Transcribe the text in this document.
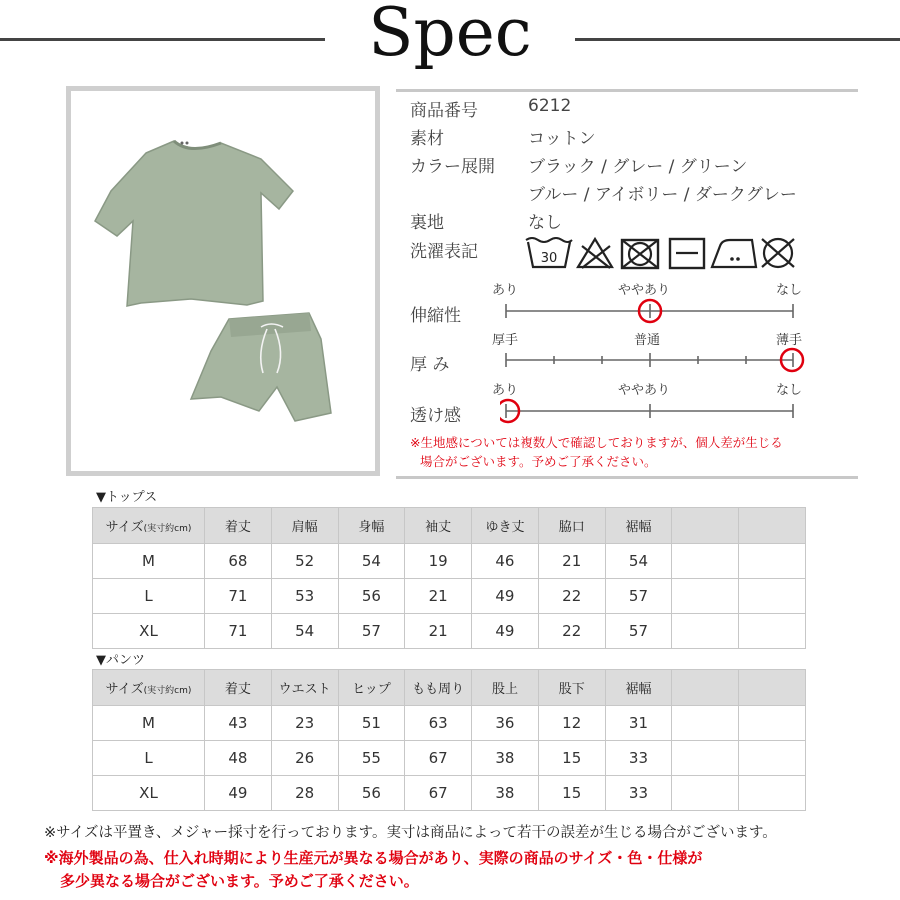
Spec
商品番号	6212
素材	コットン
カラー展開 ブラック / グレー / グリーン
ブルー / アイボリー / ダークグレー
裏地	なし
洗濯表記	30
伸縮性
あり	ややあり	なし
厚 み
厚手	普通	薄手
透け感
あり	ややあり	なし
※生地感については複数人で確認しておりますが、個人差が生じる
場合がございます。予めご了承ください。
▼トップス
サイズ(実寸約cm)	着丈	肩幅	身幅	袖丈	ゆき丈	脇口	裾幅		
M	68	52	54	19	46	21	54		
L	71	53	56	21	49	22	57		
XL	71	54	57	21	49	22	57		
▼パンツ
サイズ(実寸約cm)	着丈	ウエスト	ヒップ	もも周り	股上	股下	裾幅		
M	43	23	51	63	36	12	31		
L	48	26	55	67	38	15	33		
XL	49	28	56	67	38	15	33		
※サイズは平置き、メジャー採寸を行っております。実寸は商品によって若干の誤差が生じる場合がございます。
※海外製品の為、仕入れ時期により生産元が異なる場合があり、実際の商品のサイズ・色・仕様が
多少異なる場合がございます。予めご了承ください。
